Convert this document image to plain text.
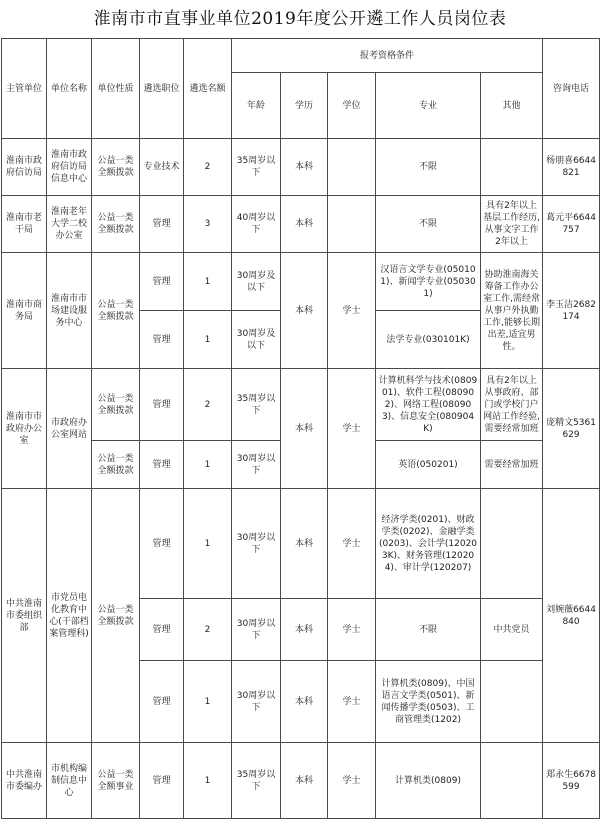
淮南市市直事业单位2019年度公开遴工作人员岗位表
主管单位	单位名称	单位性质	遴选职位	遴选名额	报考资格条件					咨询电话
					年龄	学历	学位	专业	其他	
淮南市政府信访局	淮南市政府信访局信息中心	公益一类全额拨款	专业技术	2	35周岁以下	本科		不限		杨朋喜6644821
淮南市老干局	淮南老年大学二校办公室	公益一类全额拨款	管理	3	40周岁以下	本科		不限	具有2年以上基层工作经历,从事文字工作2年以上	葛元平6644757
淮南市商务局	淮南市市场建设服务中心	公益一类全额拨款	管理	1	30周岁及以下	本科	学士	汉语言文学专业(050101)、新闻学专业(050301)	协助淮南海关筹备工作办公室工作,需经常从事户外执勤工作,能够长期出差,适宜男性。	李玉洁2682174
			管理	1	30周岁及以下			法学专业(030101K)		
淮南市市政府办公室	市政府办公室网站	公益一类全额拨款	管理	2	35周岁以下	本科	学士	计算机科学与技术(080901)、软件工程(080902)、网络工程(080903)、信息安全(080904K)	具有2年以上从事政府、部门或学校门户网站工作经验,需要经常加班	庞精文5361629
		公益一类全额拨款	管理	1	30周岁以下			英语(050201)	需要经常加班	
中共淮南市委组织部	市党员电化教育中心(干部档案管理科)	公益一类全额拨款	管理	1	30周岁以下	本科	学士	经济学类(0201)、财政学类(0202)、金融学类(0203)、会计学(120203K)、财务管理(120204)、审计学(120207)		刘婉薇6644840
			管理	2	30周岁以下	本科	学士	不限	中共党员	
			管理	1	30周岁以下	本科	学士	计算机类(0809)、中国语言文学类(0501)、新闻传播学类(0503)、工商管理类(1202)		
中共淮南市委编办	市机构编制信息中心	公益一类全额事业	管理	1	35周岁以下	本科	学士	计算机类(0809)		郑永生6678599
